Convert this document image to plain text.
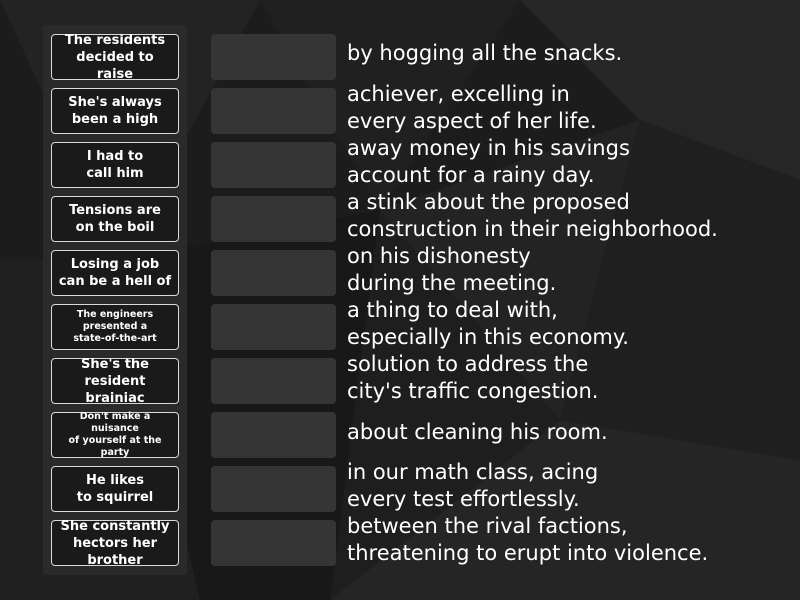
The residents
decided to raise
She's always
been a high
I had to
call him
Tensions are
on the boil
Losing a job
can be a hell of
The engineers
presented a
state-of-the-art
She's the
resident brainiac
Don't make a nuisance
of yourself at the party
He likes
to squirrel
She constantly
hectors her brother
by hogging all the snacks.
achiever, excelling in
every aspect of her life.
away money in his savings
account for a rainy day.
a stink about the proposed
construction in their neighborhood.
on his dishonesty
during the meeting.
a thing to deal with,
especially in this economy.
solution to address the
city's traffic congestion.
about cleaning his room.
in our math class, acing
every test effortlessly.
between the rival factions,
threatening to erupt into violence.
